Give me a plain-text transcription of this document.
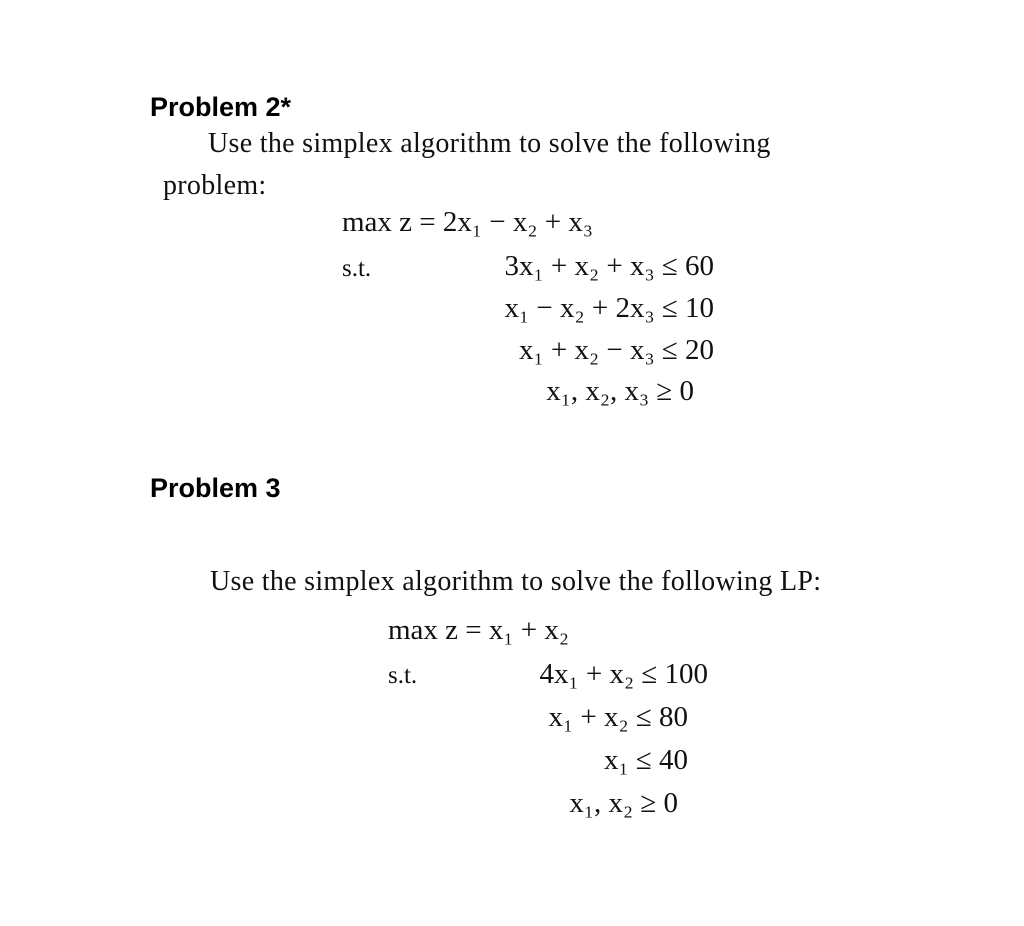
Problem 2*
Use the simplex algorithm to solve the following
problem:
max z = 2x₁ − x₂ + x₃
s.t.	3x₁ + x₂ + x₃ ≤ 60
x₁ − x₂ + 2x₃ ≤ 10
x₁ + x₂ − x₃ ≤ 20
x₁, x₂, x₃ ≥ 0
Problem 3
Use the simplex algorithm to solve the following LP:
max z = x₁ + x₂
s.t.	4x₁ + x₂ ≤ 100
x₁ + x₂ ≤ 80
x₁ ≤ 40
x₁, x₂ ≥ 0
